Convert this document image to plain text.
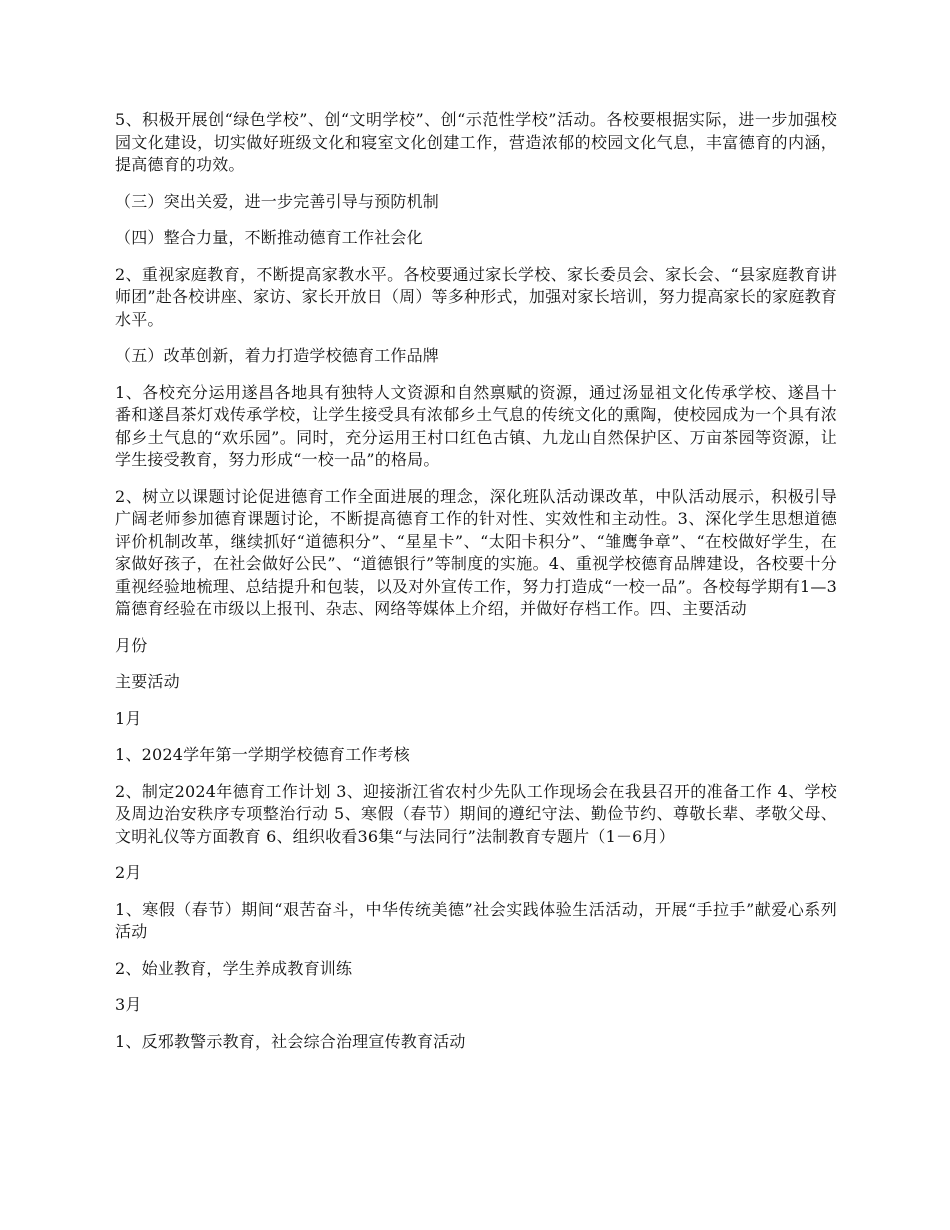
5、积极开展创“绿色学校”、创“文明学校”、创“示范性学校”活动。各校要根据实际，进一步加强校园文化建设，切实做好班级文化和寝室文化创建工作，营造浓郁的校园文化气息，丰富德育的内涵，提高德育的功效。

（三）突出关爱，进一步完善引导与预防机制

（四）整合力量，不断推动德育工作社会化

2、重视家庭教育，不断提高家教水平。各校要通过家长学校、家长委员会、家长会、“县家庭教育讲师团”赴各校讲座、家访、家长开放日（周）等多种形式，加强对家长培训，努力提高家长的家庭教育水平。

（五）改革创新，着力打造学校德育工作品牌

1、各校充分运用遂昌各地具有独特人文资源和自然禀赋的资源，通过汤显祖文化传承学校、遂昌十番和遂昌茶灯戏传承学校，让学生接受具有浓郁乡土气息的传统文化的熏陶，使校园成为一个具有浓郁乡土气息的“欢乐园”。同时，充分运用王村口红色古镇、九龙山自然保护区、万亩茶园等资源，让学生接受教育，努力形成“一校一品”的格局。

2、树立以课题讨论促进德育工作全面进展的理念，深化班队活动课改革，中队活动展示，积极引导广阔老师参加德育课题讨论，不断提高德育工作的针对性、实效性和主动性。3、深化学生思想道德评价机制改革，继续抓好“道德积分”、“星星卡”、“太阳卡积分”、“雏鹰争章”、“在校做好学生，在家做好孩子，在社会做好公民”、“道德银行”等制度的实施。4、重视学校德育品牌建设，各校要十分重视经验地梳理、总结提升和包装，以及对外宣传工作，努力打造成“一校一品”。各校每学期有1—3篇德育经验在市级以上报刊、杂志、网络等媒体上介绍，并做好存档工作。四、主要活动

月份

主要活动

1月

1、2024学年第一学期学校德育工作考核

2、制定2024年德育工作计划 3、迎接浙江省农村少先队工作现场会在我县召开的准备工作 4、学校及周边治安秩序专项整治行动 5、寒假（春节）期间的遵纪守法、勤俭节约、尊敬长辈、孝敬父母、文明礼仪等方面教育 6、组织收看36集“与法同行”法制教育专题片（1－6月）

2月

1、寒假（春节）期间“艰苦奋斗，中华传统美德”社会实践体验生活活动，开展“手拉手”献爱心系列活动

2、始业教育，学生养成教育训练

3月

1、反邪教警示教育，社会综合治理宣传教育活动
